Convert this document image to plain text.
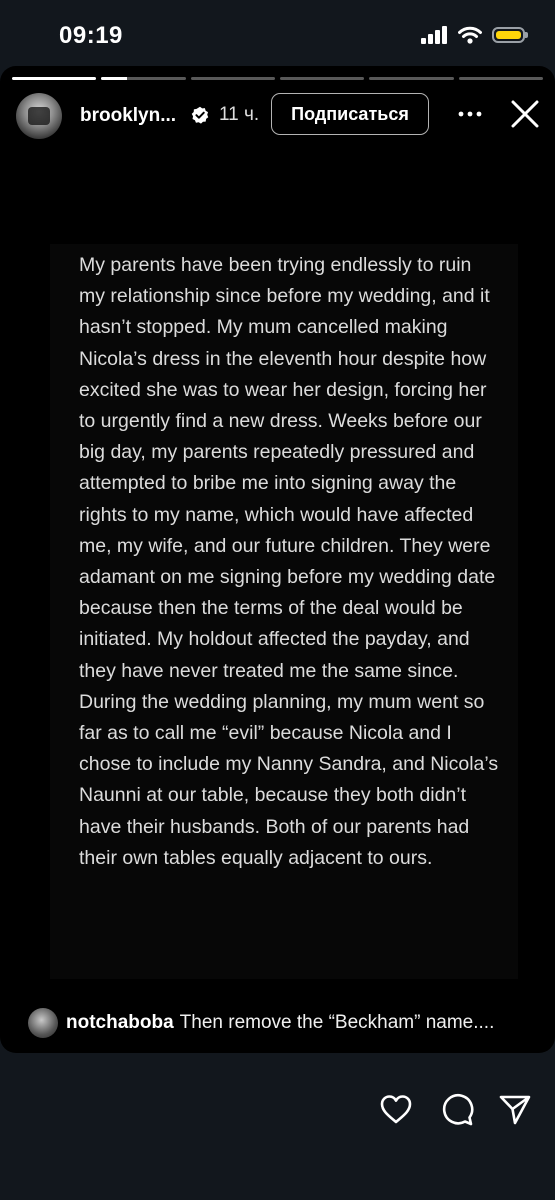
09:19
brooklyn... 11 ч.	Подписаться

My parents have been trying endlessly to ruin my relationship since before my wedding, and it hasn’t stopped. My mum cancelled making Nicola’s dress in the eleventh hour despite how excited she was to wear her design, forcing her to urgently find a new dress. Weeks before our big day, my parents repeatedly pressured and attempted to bribe me into signing away the rights to my name, which would have affected me, my wife, and our future children. They were adamant on me signing before my wedding date because then the terms of the deal would be initiated. My holdout affected the payday, and they have never treated me the same since. During the wedding planning, my mum went so far as to call me “evil” because Nicola and I chose to include my Nanny Sandra, and Nicola’s Naunni at our table, because they both didn’t have their husbands. Both of our parents had their own tables equally adjacent to ours.

notchaboba Then remove the “Beckham” name....
